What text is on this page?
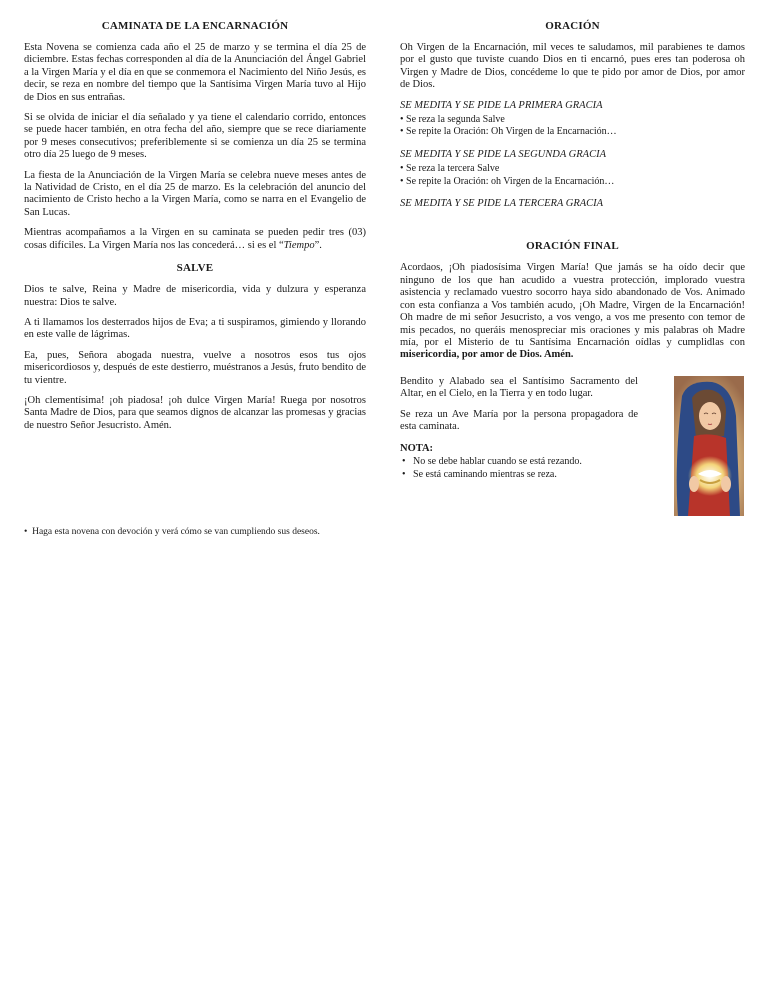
CAMINATA DE LA ENCARNACIÓN

Esta Novena se comienza cada año el 25 de marzo y se termina el día 25 de diciembre. Estas fechas corresponden al día de la Anunciación del Ángel Gabriel a la Virgen María y el día en que se conmemora el Nacimiento del Niño Jesús, es decir, se reza en nombre del tiempo que la Santísima Virgen María tuvo al Hijo de Dios en sus entrañas.

Si se olvida de iniciar el día señalado y ya tiene el calendario corrido, entonces se puede hacer también, en otra fecha del año, siempre que se rece diariamente por 9 meses consecutivos; preferiblemente si se comienza un día 25 se termina otro día 25 luego de 9 meses.

La fiesta de la Anunciación de la Virgen María se celebra nueve meses antes de la Natividad de Cristo, en el día 25 de marzo. Es la celebración del anuncio del nacimiento de Cristo hecho a la Virgen María, como se narra en el Evangelio de San Lucas.

Mientras acompañamos a la Virgen en su caminata se pueden pedir tres (03) cosas difíciles. La Virgen María nos las concederá… si es el “Tiempo”.

SALVE

Dios te salve, Reina y Madre de misericordia, vida y dulzura y esperanza nuestra: Dios te salve.

A ti llamamos los desterrados hijos de Eva; a ti suspiramos, gimiendo y llorando en este valle de lágrimas.

Ea, pues, Señora abogada nuestra, vuelve a nosotros esos tus ojos misericordiosos y, después de este destierro, muéstranos a Jesús, fruto bendito de tu vientre.

¡Oh clementísima! ¡oh piadosa! ¡oh dulce Virgen María! Ruega por nosotros Santa Madre de Dios, para que seamos dignos de alcanzar las promesas y gracias de nuestro Señor Jesucristo. Amén.

•  Haga esta novena con devoción y verá cómo se van cumpliendo sus deseos.
ORACIÓN

Oh Virgen de la Encarnación, mil veces te saludamos, mil parabienes te damos por el gusto que tuviste cuando Dios en ti encarnó, pues eres tan poderosa oh Virgen y Madre de Dios, concédeme lo que te pido por amor de Dios, por amor de Dios.

SE MEDITA Y SE PIDE LA PRIMERA GRACIA
• Se reza la segunda Salve
• Se repite la Oración: Oh Virgen de la Encarnación…
SE MEDITA Y SE PIDE LA SEGUNDA GRACIA
• Se reza la tercera Salve
• Se repite la Oración: oh Virgen de la Encarnación…
SE MEDITA Y SE PIDE LA TERCERA GRACIA
ORACIÓN FINAL

Acordaos, ¡Oh piadosísima Virgen María! Que jamás se ha oído decir que ninguno de los que han acudido a vuestra protección, implorado vuestra asistencia y reclamado vuestro socorro haya sido abandonado de Vos. Animado con esta confianza a Vos también acudo, ¡Oh Madre, Virgen de la Encarnación! Oh madre de mi señor Jesucristo, a vos vengo, a vos me presento con temor de mis pecados, no queráis menospreciar mis oraciones y mis palabras oh Madre mía, por el Misterio de tu Santísima Encarnación oídlas y cumplidlas con misericordia, por amor de Dios. Amén.

Bendito y Alabado sea el Santísimo Sacramento del Altar, en el Cielo, en la Tierra y en todo lugar.

Se reza un Ave María por la persona propagadora de esta caminata.

NOTA:
•   No se debe hablar cuando se está rezando.
•   Se está caminando mientras se reza.
